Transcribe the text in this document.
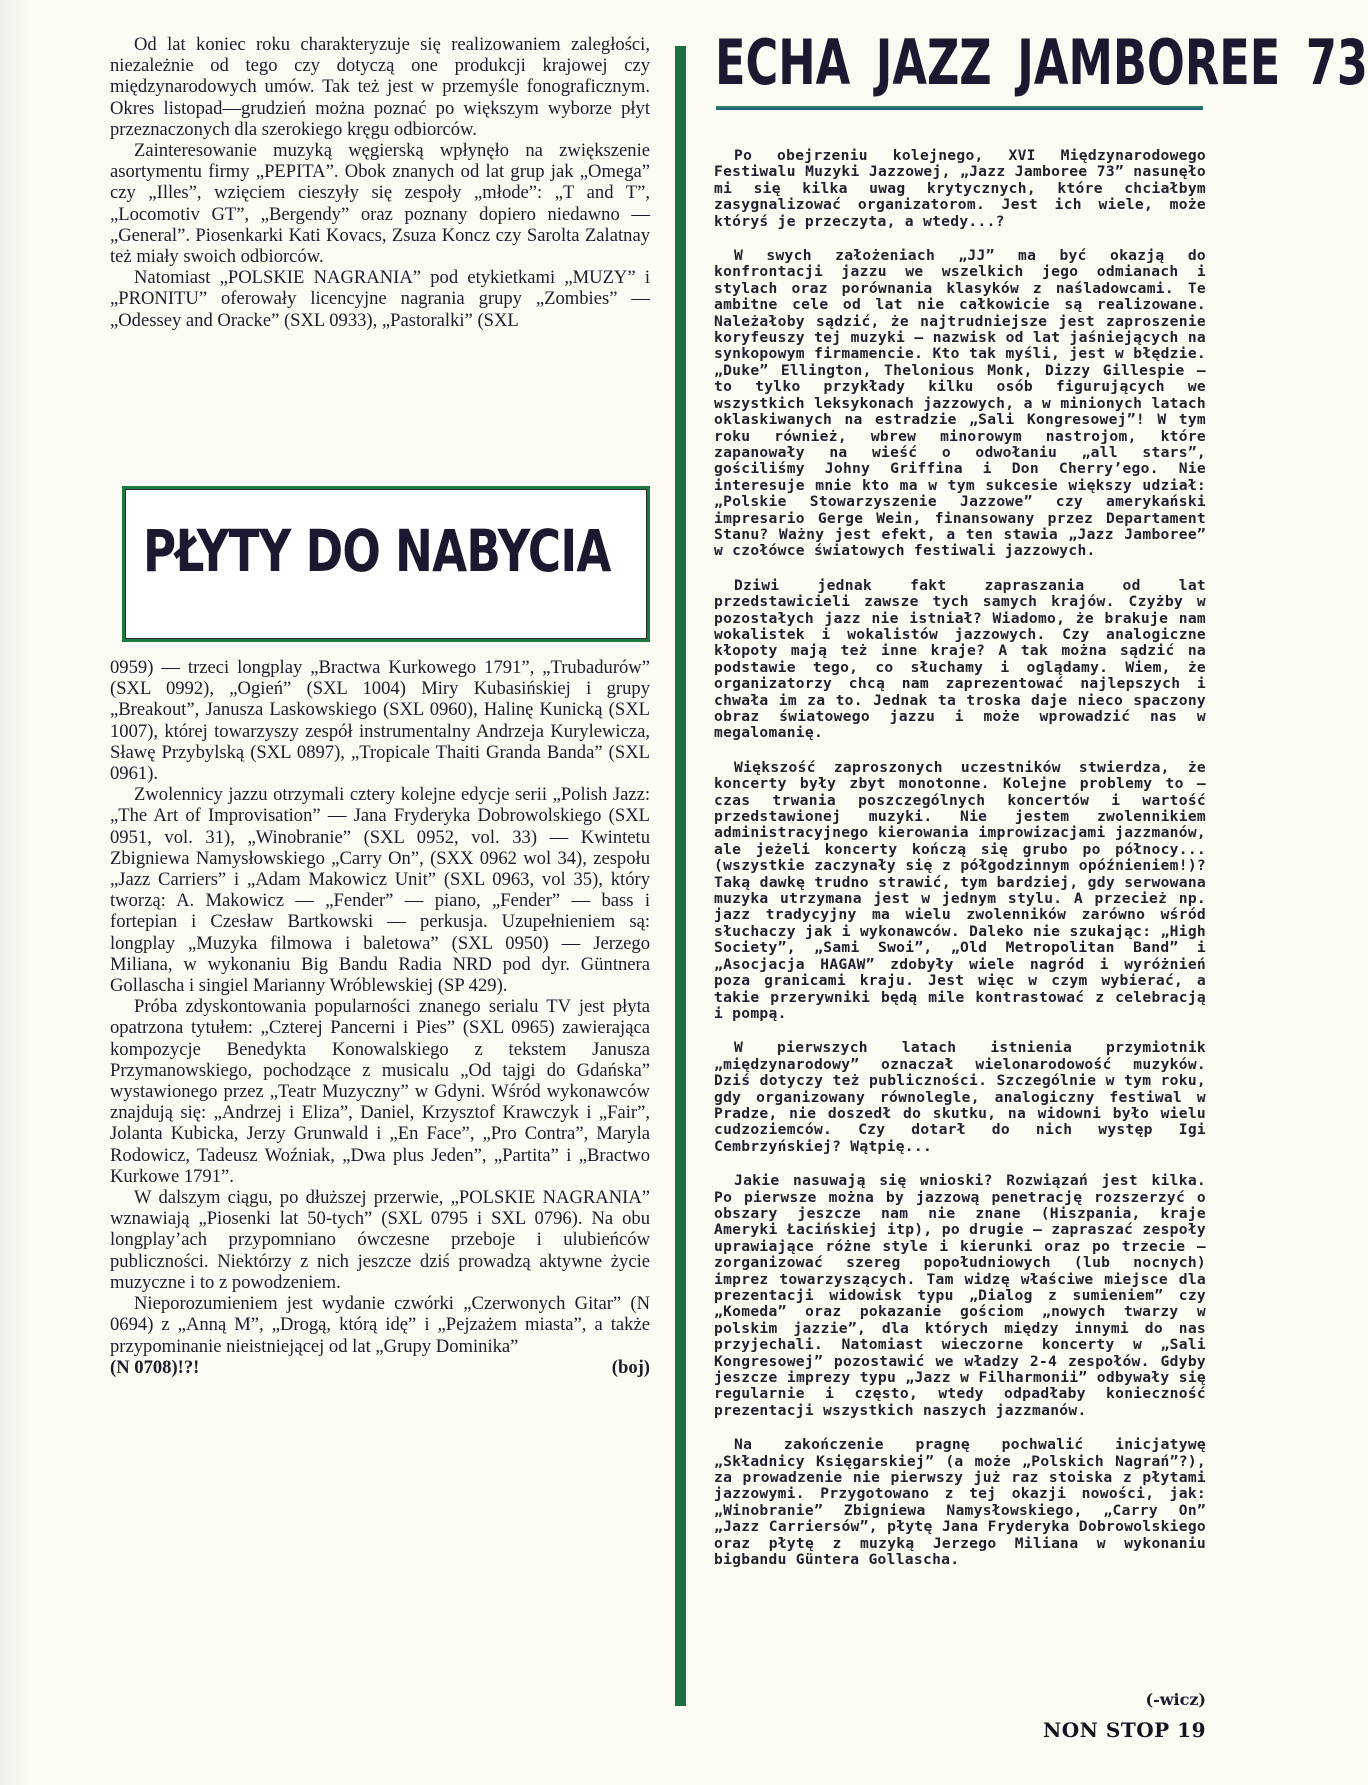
Od lat koniec roku charakteryzuje się realizowaniem zaległości, niezależnie od tego czy dotyczą one produkcji krajowej czy międzynarodowych umów. Tak też jest w przemyśle fonograficznym. Okres listopad—grudzień można poznać po większym wyborze płyt przeznaczonych dla szerokiego kręgu odbiorców.

Zainteresowanie muzyką węgierską wpłynęło na zwiększenie asortymentu firmy „PEPITA”. Obok znanych od lat grup jak „Omega” czy „Illes”, wzięciem cieszyły się zespoły „młode”: „T and T”, „Locomotiv GT”, „Bergendy” oraz poznany dopiero niedawno — „General”. Piosenkarki Kati Kovacs, Zsuza Koncz czy Sarolta Zalatnay też miały swoich odbiorców.

Natomiast „POLSKIE NAGRANIA” pod etykietkami „MUZY” i „PRONITU” oferowały licencyjne nagrania grupy „Zombies” — „Odessey and Oracke” (SXL 0933), „Pastoralki” (SXL

PŁYTY DO NABYCIA

0959) — trzeci longplay „Bractwa Kurkowego 1791”, „Trubadurów” (SXL 0992), „Ogień” (SXL 1004) Miry Kubasińskiej i grupy „Breakout”, Janusza Laskowskiego (SXL 0960), Halinę Kunicką (SXL 1007), której towarzyszy zespół instrumentalny Andrzeja Kurylewicza, Sławę Przybylską (SXL 0897), „Tropicale Thaiti Granda Banda” (SXL 0961).

Zwolennicy jazzu otrzymali cztery kolejne edycje serii „Polish Jazz: „The Art of Improvisation” — Jana Fryderyka Dobrowolskiego (SXL 0951, vol. 31), „Winobranie” (SXL 0952, vol. 33) — Kwintetu Zbigniewa Namysłowskiego „Carry On”, (SXX 0962 wol 34), zespołu „Jazz Carriers” i „Adam Makowicz Unit” (SXL 0963, vol 35), który tworzą: A. Makowicz — „Fender” — piano, „Fender” — bass i fortepian i Czesław Bartkowski — perkusja. Uzupełnieniem są: longplay „Muzyka filmowa i baletowa” (SXL 0950) — Jerzego Miliana, w wykonaniu Big Bandu Radia NRD pod dyr. Güntnera Gollascha i singiel Marianny Wróblewskiej (SP 429).

Próba zdyskontowania popularności znanego serialu TV jest płyta opatrzona tytułem: „Czterej Pancerni i Pies” (SXL 0965) zawierająca kompozycje Benedykta Konowalskiego z tekstem Janusza Przymanowskiego, pochodzące z musicalu „Od tajgi do Gdańska” wystawionego przez „Teatr Muzyczny” w Gdyni. Wśród wykonawców znajdują się: „Andrzej i Eliza”, Daniel, Krzysztof Krawczyk i „Fair”, Jolanta Kubicka, Jerzy Grunwald i „En Face”, „Pro Contra”, Maryla Rodowicz, Tadeusz Woźniak, „Dwa plus Jeden”, „Partita” i „Bractwo Kurkowe 1791”.

W dalszym ciągu, po dłuższej przerwie, „POLSKIE NAGRANIA” wznawiają „Piosenki lat 50-tych” (SXL 0795 i SXL 0796). Na obu longplay’ach przypomniano ówczesne przeboje i ulubieńców publiczności. Niektórzy z nich jeszcze dziś prowadzą aktywne życie muzyczne i to z powodzeniem.

Nieporozumieniem jest wydanie czwórki „Czerwonych Gitar” (N 0694) z „Anną M”, „Drogą, którą idę” i „Pejzażem miasta”, a także przypominanie nieistniejącej od lat „Grupy Dominika”

(N 0708)!?!	(boj)
ECHA JAZZ JAMBOREE 73

Po obejrzeniu kolejnego, XVI Międzynarodowego Festiwalu Muzyki Jazzowej, „Jazz Jamboree 73” nasunęło mi się kilka uwag krytycznych, które chciałbym zasygnalizować organizatorom. Jest ich wiele, może któryś je przeczyta, a wtedy...?

W swych założeniach „JJ” ma być okazją do konfrontacji jazzu we wszelkich jego odmianach i stylach oraz porównania klasyków z naśladowcami. Te ambitne cele od lat nie całkowicie są realizowane. Należałoby sądzić, że najtrudniejsze jest zaproszenie koryfeuszy tej muzyki — nazwisk od lat jaśniejących na synkopowym firmamencie. Kto tak myśli, jest w błędzie. „Duke” Ellington, Thelonious Monk, Dizzy Gillespie — to tylko przykłady kilku osób figurujących we wszystkich leksykonach jazzowych, a w minionych latach oklaskiwanych na estradzie „Sali Kongresowej”! W tym roku również, wbrew minorowym nastrojom, które zapanowały na wieść o odwołaniu „all stars”, gościliśmy Johny Griffina i Don Cherry’ego. Nie interesuje mnie kto ma w tym sukcesie większy udział: „Polskie Stowarzyszenie Jazzowe” czy amerykański impresario Gerge Wein, finansowany przez Departament Stanu? Ważny jest efekt, a ten stawia „Jazz Jamboree” w czołówce światowych festiwali jazzowych.

Dziwi jednak fakt zapraszania od lat przedstawicieli zawsze tych samych krajów. Czyżby w pozostałych jazz nie istniał? Wiadomo, że brakuje nam wokalistek i wokalistów jazzowych. Czy analogiczne kłopoty mają też inne kraje? A tak można sądzić na podstawie tego, co słuchamy i oglądamy. Wiem, że organizatorzy chcą nam zaprezentować najlepszych i chwała im za to. Jednak ta troska daje nieco spaczony obraz światowego jazzu i może wprowadzić nas w megalomanię.

Większość zaproszonych uczestników stwierdza, że koncerty były zbyt monotonne. Kolejne problemy to — czas trwania poszczególnych koncertów i wartość przedstawionej muzyki. Nie jestem zwolennikiem administracyjnego kierowania improwizacjami jazzmanów, ale jeżeli koncerty kończą się grubo po północy... (wszystkie zaczynały się z półgodzinnym opóźnieniem!)? Taką dawkę trudno strawić, tym bardziej, gdy serwowana muzyka utrzymana jest w jednym stylu. A przecież np. jazz tradycyjny ma wielu zwolenników zarówno wśród słuchaczy jak i wykonawców. Daleko nie szukając: „High Society”, „Sami Swoi”, „Old Metropolitan Band” i „Asocjacja HAGAW” zdobyły wiele nagród i wyróżnień poza granicami kraju. Jest więc w czym wybierać, a takie przerywniki będą mile kontrastować z celebracją i pompą.

W pierwszych latach istnienia przymiotnik „międzynarodowy” oznaczał wielonarodowość muzyków. Dziś dotyczy też publiczności. Szczególnie w tym roku, gdy organizowany równolegle, analogiczny festiwal w Pradze, nie doszedł do skutku, na widowni było wielu cudzoziemców. Czy dotarł do nich występ Igi Cembrzyńskiej? Wątpię...

Jakie nasuwają się wnioski? Rozwiązań jest kilka. Po pierwsze można by jazzową penetrację rozszerzyć o obszary jeszcze nam nie znane (Hiszpania, kraje Ameryki Łacińskiej itp), po drugie — zapraszać zespoły uprawiające różne style i kierunki oraz po trzecie — zorganizować szereg popołudniowych (lub nocnych) imprez towarzyszących. Tam widzę właściwe miejsce dla prezentacji widowisk typu „Dialog z sumieniem” czy „Komeda” oraz pokazanie gościom „nowych twarzy w polskim jazzie”, dla których między innymi do nas przyjechali. Natomiast wieczorne koncerty w „Sali Kongresowej” pozostawić we władzy 2-4 zespołów. Gdyby jeszcze imprezy typu „Jazz w Filharmonii” odbywały się regularnie i często, wtedy odpadłaby konieczność prezentacji wszystkich naszych jazzmanów.

Na zakończenie pragnę pochwalić inicjatywę „Składnicy Księgarskiej” (a może „Polskich Nagrań”?), za prowadzenie nie pierwszy już raz stoiska z płytami jazzowymi. Przygotowano z tej okazji nowości, jak: „Winobranie” Zbigniewa Namysłowskiego, „Carry On” „Jazz Carriersów”, płytę Jana Fryderyka Dobrowolskiego oraz płytę z muzyką Jerzego Miliana w wykonaniu bigbandu Güntera Gollascha.

(-wicz)
NON STOP 19
